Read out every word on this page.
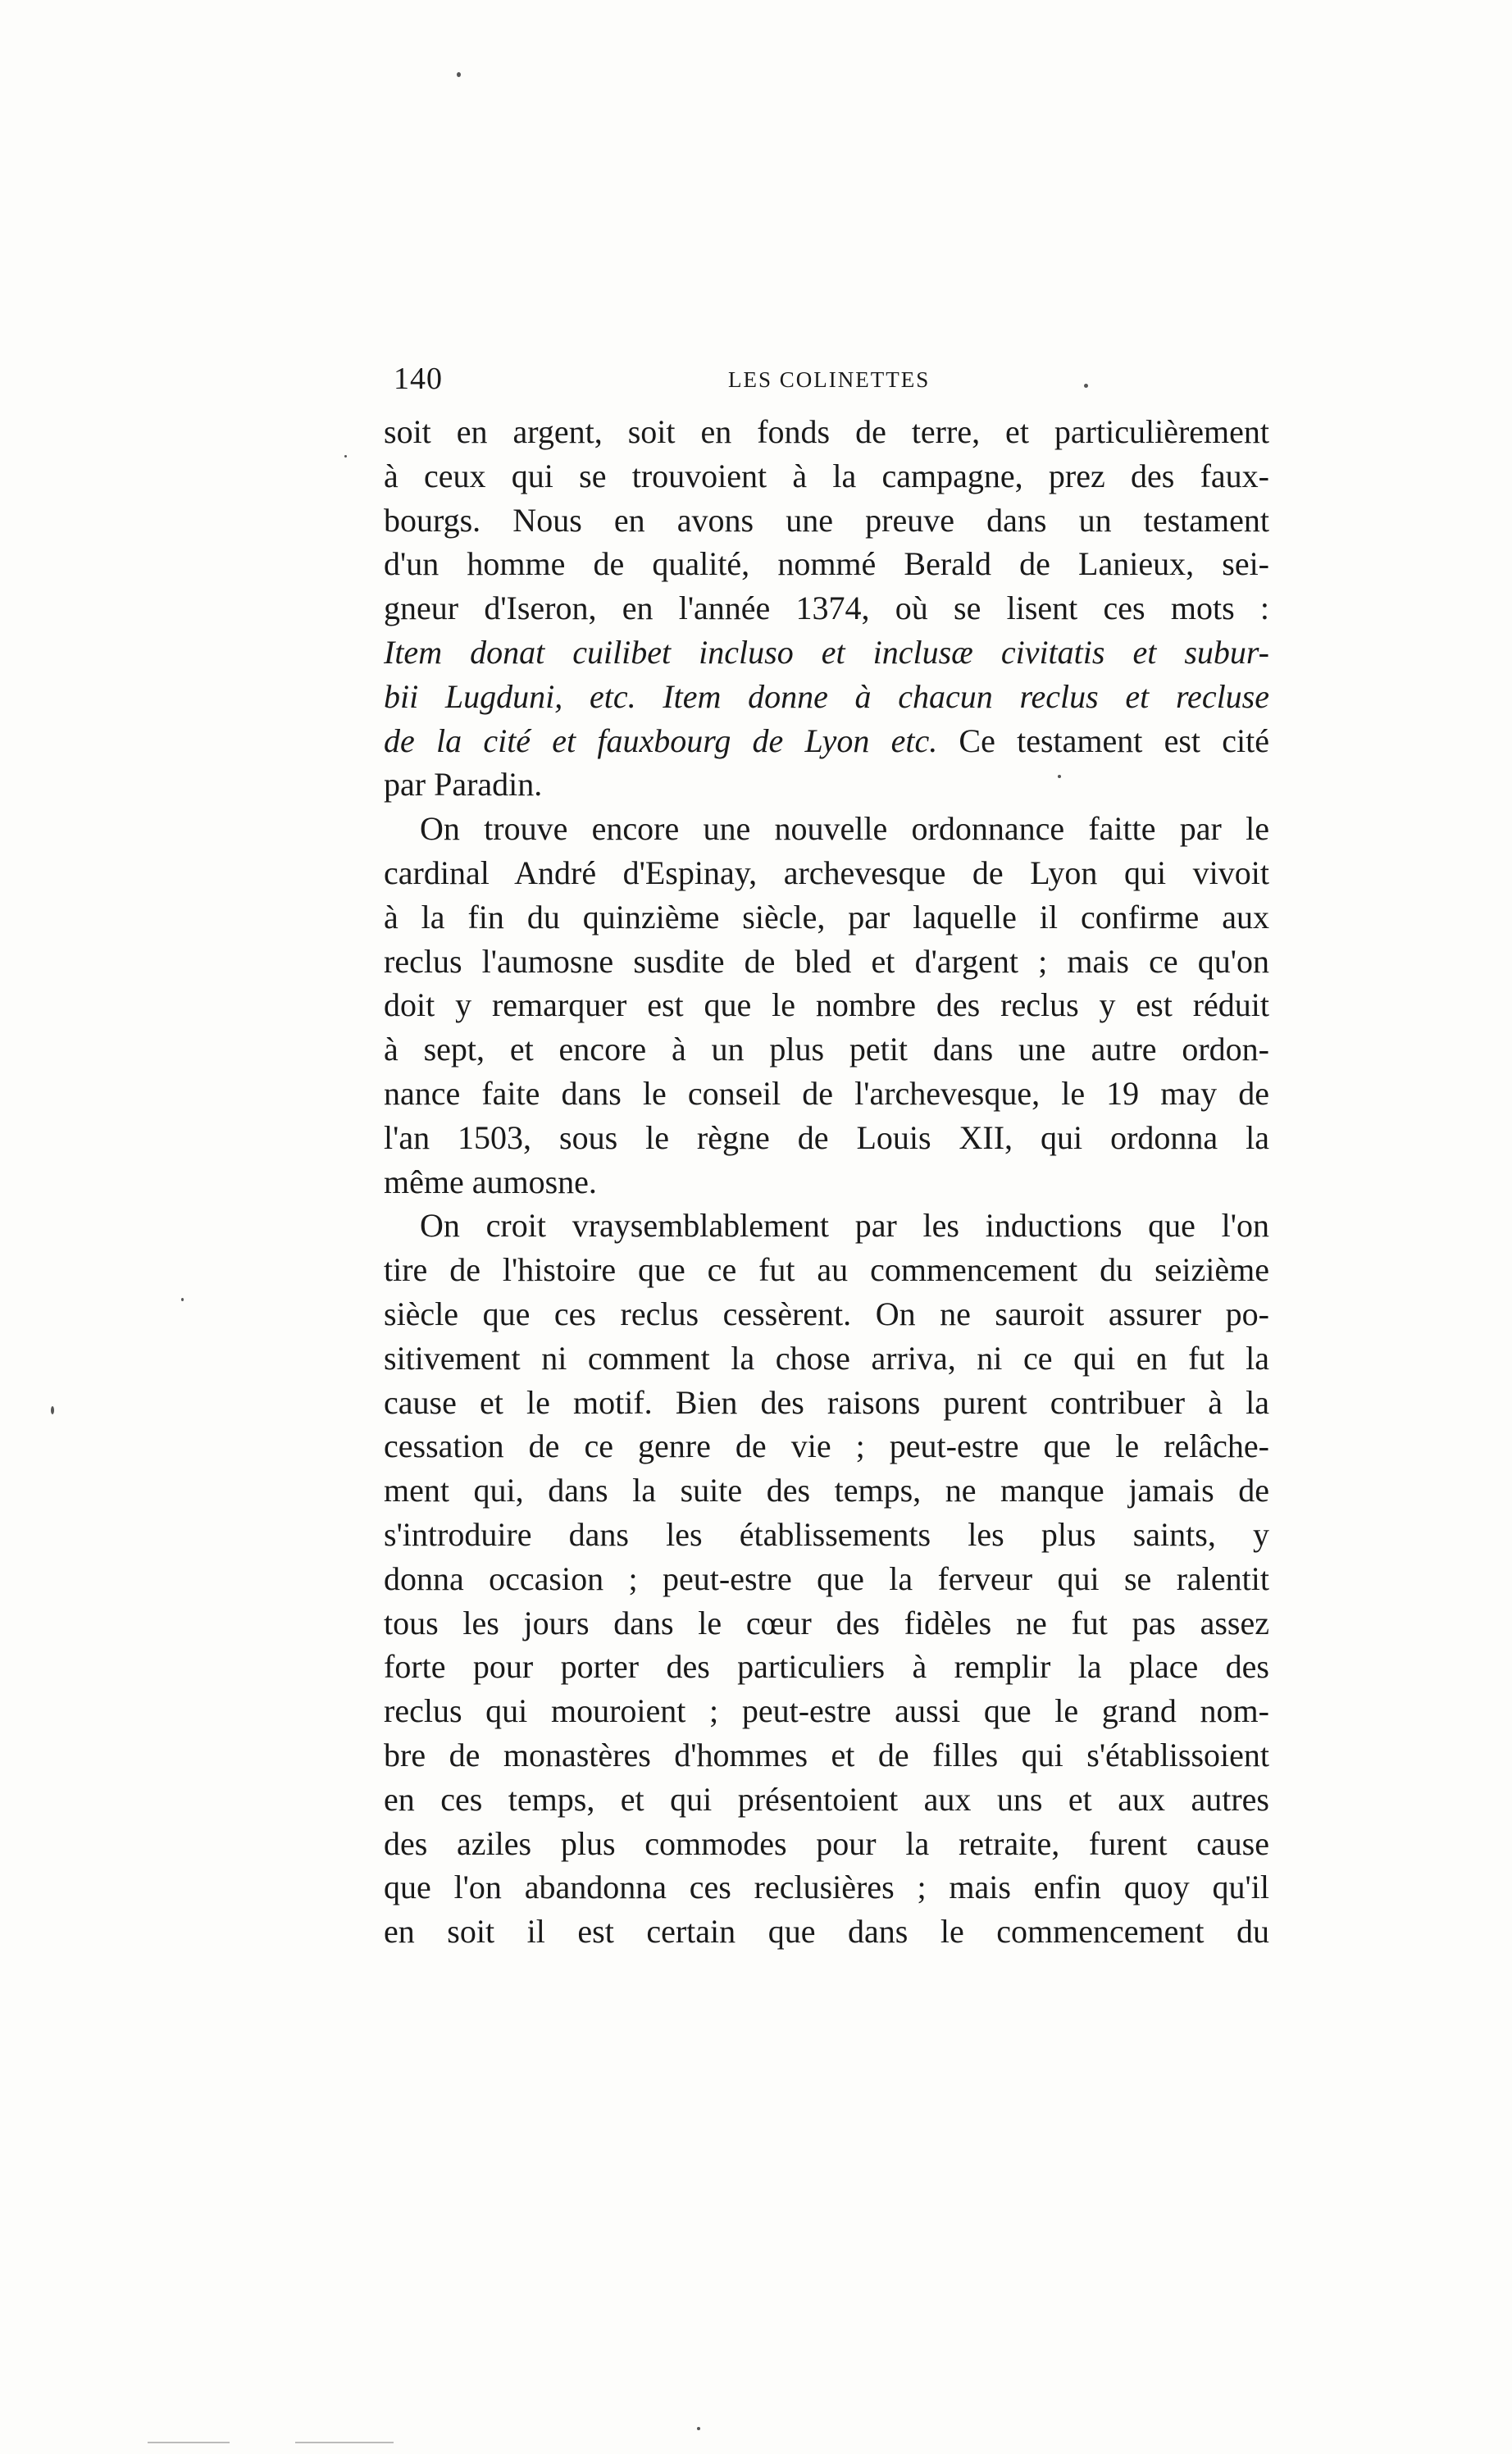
140	LES COLINETTES
soit en argent, soit en fonds de terre, et particulièrement
à ceux qui se trouvoient à la campagne, prez des faux-
bourgs. Nous en avons une preuve dans un testament
d'un homme de qualité, nommé Berald de Lanieux, sei-
gneur d'Iseron, en l'année 1374, où se lisent ces mots :
Item donat cuilibet incluso et inclusæ civitatis et subur-
bii Lugduni, etc. Item donne à chacun reclus et recluse
de la cité et fauxbourg de Lyon etc. Ce testament est cité
par Paradin.
On trouve encore une nouvelle ordonnance faitte par le
cardinal André d'Espinay, archevesque de Lyon qui vivoit
à la fin du quinzième siècle, par laquelle il confirme aux
reclus l'aumosne susdite de bled et d'argent ; mais ce qu'on
doit y remarquer est que le nombre des reclus y est réduit
à sept, et encore à un plus petit dans une autre ordon-
nance faite dans le conseil de l'archevesque, le 19 may de
l'an 1503, sous le règne de Louis XII, qui ordonna la
même aumosne.
On croit vraysemblablement par les inductions que l'on
tire de l'histoire que ce fut au commencement du seizième
siècle que ces reclus cessèrent. On ne sauroit assurer po-
sitivement ni comment la chose arriva, ni ce qui en fut la
cause et le motif. Bien des raisons purent contribuer à la
cessation de ce genre de vie ; peut-estre que le relâche-
ment qui, dans la suite des temps, ne manque jamais de
s'introduire dans les établissements les plus saints, y
donna occasion ; peut-estre que la ferveur qui se ralentit
tous les jours dans le cœur des fidèles ne fut pas assez
forte pour porter des particuliers à remplir la place des
reclus qui mouroient ; peut-estre aussi que le grand nom-
bre de monastères d'hommes et de filles qui s'établissoient
en ces temps, et qui présentoient aux uns et aux autres
des aziles plus commodes pour la retraite, furent cause
que l'on abandonna ces reclusières ; mais enfin quoy qu'il
en soit il est certain que dans le commencement du
